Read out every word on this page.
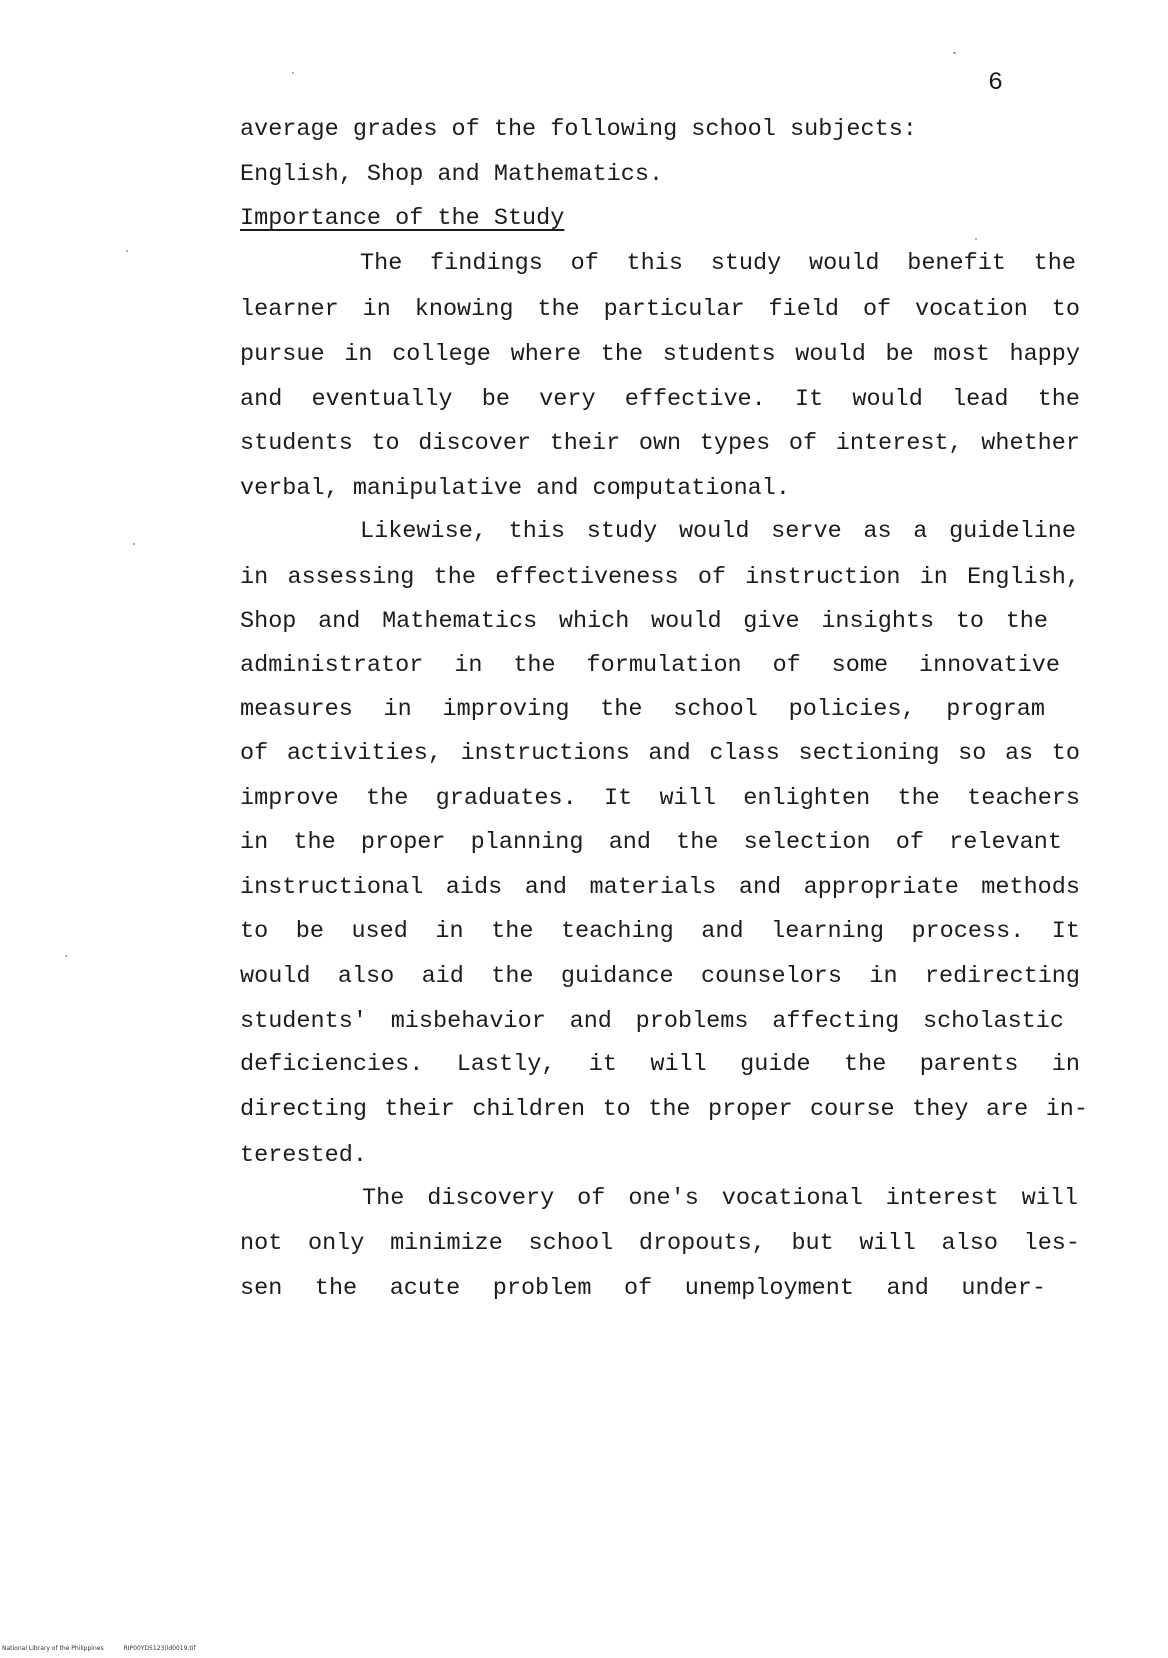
6
average grades of the following school subjects:
English, Shop and Mathematics.
Importance of the Study
The findings of this study would benefit the
learner in knowing the particular field of vocation to
pursue in college where the students would be most happy
and eventually be very effective. It would lead the
students to discover their own types of interest, whether
verbal, manipulative and computational.
Likewise, this study would serve as a guideline
in assessing the effectiveness of instruction in English,
Shop and Mathematics which would give insights to the
administrator in the formulation of some innovative
measures in improving the school policies, program
of activities, instructions and class sectioning so as to
improve the graduates. It will enlighten the teachers
in the proper planning and the selection of relevant
instructional aids and materials and appropriate methods
to be used in the teaching and learning process. It
would also aid the guidance counselors in redirecting
students' misbehavior and problems affecting scholastic
deficiencies. Lastly, it will guide the parents in
directing their children to the proper course they are in-
terested.
The discovery of one's vocational interest will
not only minimize school dropouts, but will also les-
sen the acute problem of unemployment and under-
National Library of the Philippines	RIP00YD5123(ld0019.tif
